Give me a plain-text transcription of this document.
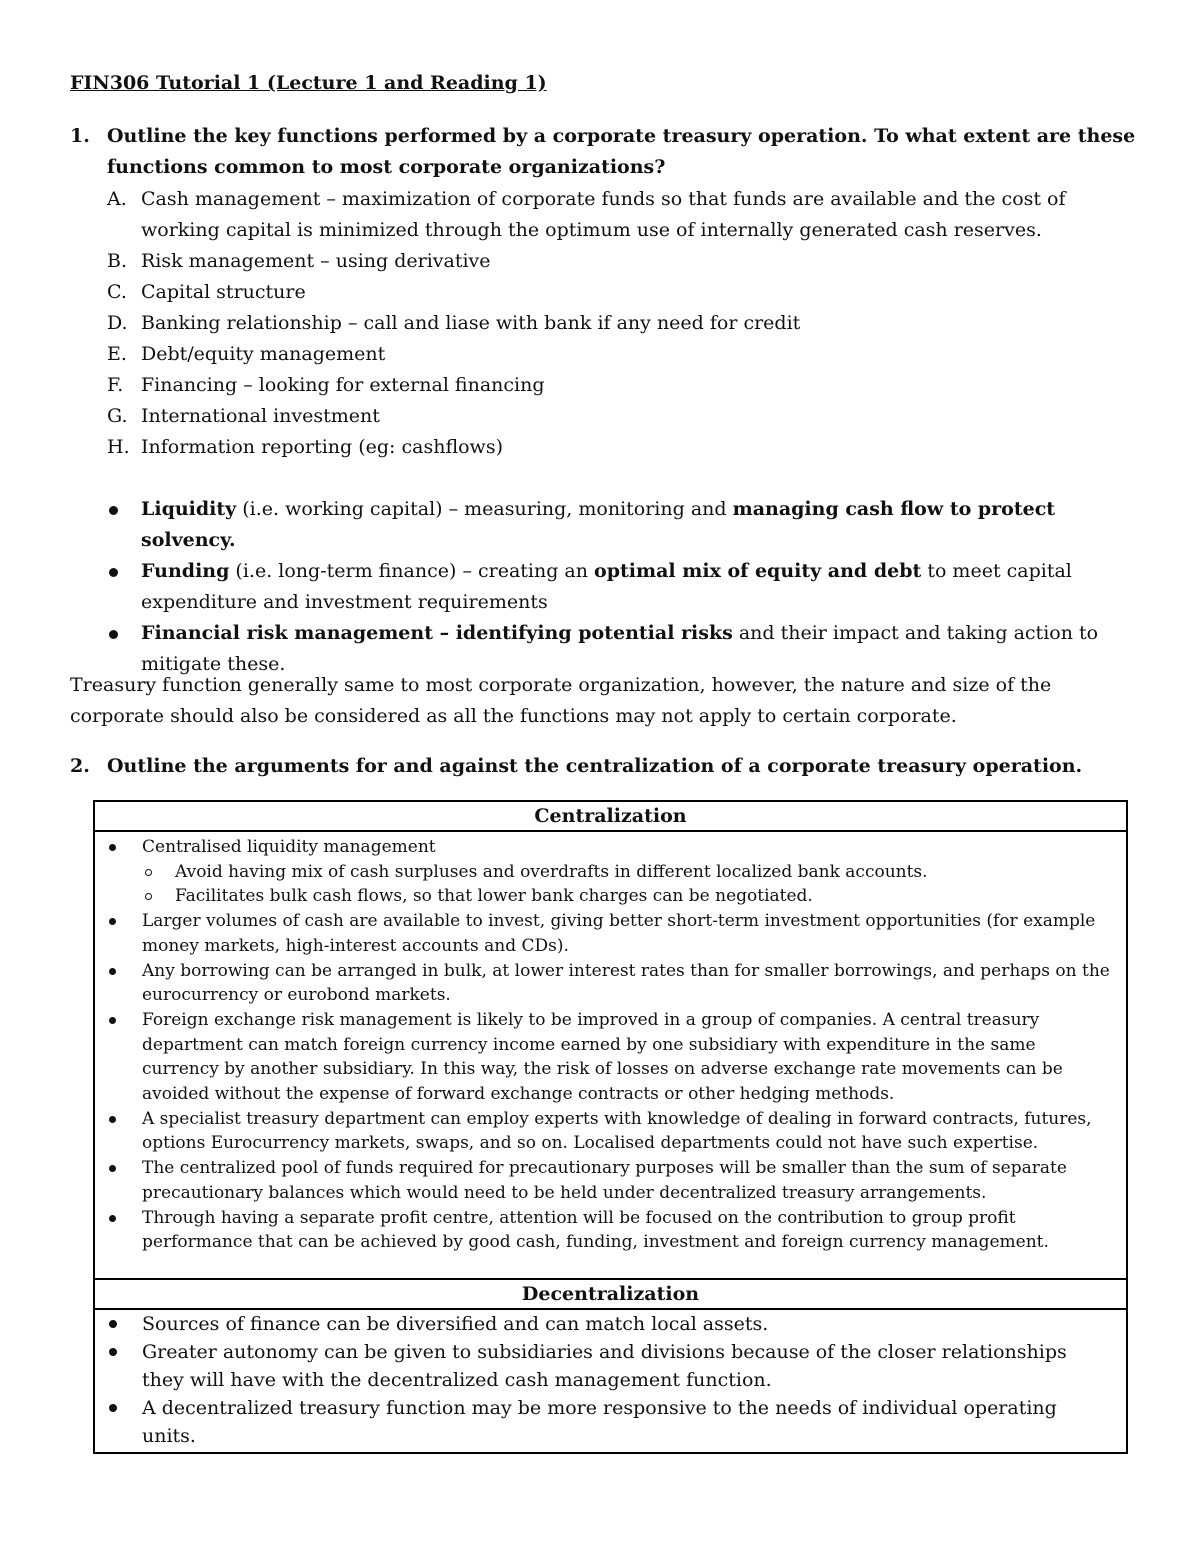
FIN306 Tutorial 1 (Lecture 1 and Reading 1)

1. Outline the key functions performed by a corporate treasury operation. To what extent are these functions common to most corporate organizations?
A. Cash management – maximization of corporate funds so that funds are available and the cost of working capital is minimized through the optimum use of internally generated cash reserves.
B. Risk management – using derivative
C. Capital structure
D. Banking relationship – call and liase with bank if any need for credit
E. Debt/equity management
F. Financing – looking for external financing
G. International investment
H. Information reporting (eg: cashflows)
Liquidity (i.e. working capital) – measuring, monitoring and managing cash flow to protect solvency.
Funding (i.e. long-term finance) – creating an optimal mix of equity and debt to meet capital expenditure and investment requirements
Financial risk management – identifying potential risks and their impact and taking action to mitigate these.

Treasury function generally same to most corporate organization, however, the nature and size of the corporate should also be considered as all the functions may not apply to certain corporate.

2. Outline the arguments for and against the centralization of a corporate treasury operation.
Centralization

Centralised liquidity management
Avoid having mix of cash surpluses and overdrafts in different localized bank accounts.
Facilitates bulk cash flows, so that lower bank charges can be negotiated.
Larger volumes of cash are available to invest, giving better short-term investment opportunities (for example money markets, high-interest accounts and CDs).
Any borrowing can be arranged in bulk, at lower interest rates than for smaller borrowings, and perhaps on the eurocurrency or eurobond markets.
Foreign exchange risk management is likely to be improved in a group of companies. A central treasury department can match foreign currency income earned by one subsidiary with expenditure in the same currency by another subsidiary. In this way, the risk of losses on adverse exchange rate movements can be avoided without the expense of forward exchange contracts or other hedging methods.
A specialist treasury department can employ experts with knowledge of dealing in forward contracts, futures, options Eurocurrency markets, swaps, and so on. Localised departments could not have such expertise.
The centralized pool of funds required for precautionary purposes will be smaller than the sum of separate precautionary balances which would need to be held under decentralized treasury arrangements.
Through having a separate profit centre, attention will be focused on the contribution to group profit performance that can be achieved by good cash, funding, investment and foreign currency management.

Decentralization

Sources of finance can be diversified and can match local assets.
Greater autonomy can be given to subsidiaries and divisions because of the closer relationships they will have with the decentralized cash management function.
A decentralized treasury function may be more responsive to the needs of individual operating units.
